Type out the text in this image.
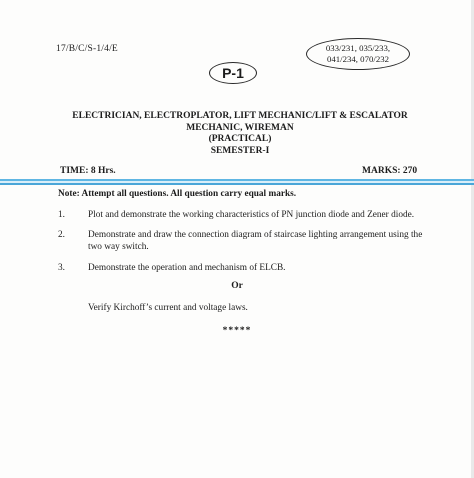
17/B/C/S-1/4/E	033/231, 035/233,
041/234, 070/232
P-1
ELECTRICIAN, ELECTROPLATOR, LIFT MECHANIC/LIFT & ESCALATOR
MECHANIC, WIREMAN
(PRACTICAL)
SEMESTER-I
TIME: 8 Hrs.	MARKS: 270
Note: Attempt all questions. All question carry equal marks.
1. Plot and demonstrate the working characteristics of PN junction diode and Zener diode.
2. Demonstrate and draw the connection diagram of staircase lighting arrangement using the two way switch.
3. Demonstrate the operation and mechanism of ELCB.
Or
Verify Kirchoff’s current and voltage laws.
*****
